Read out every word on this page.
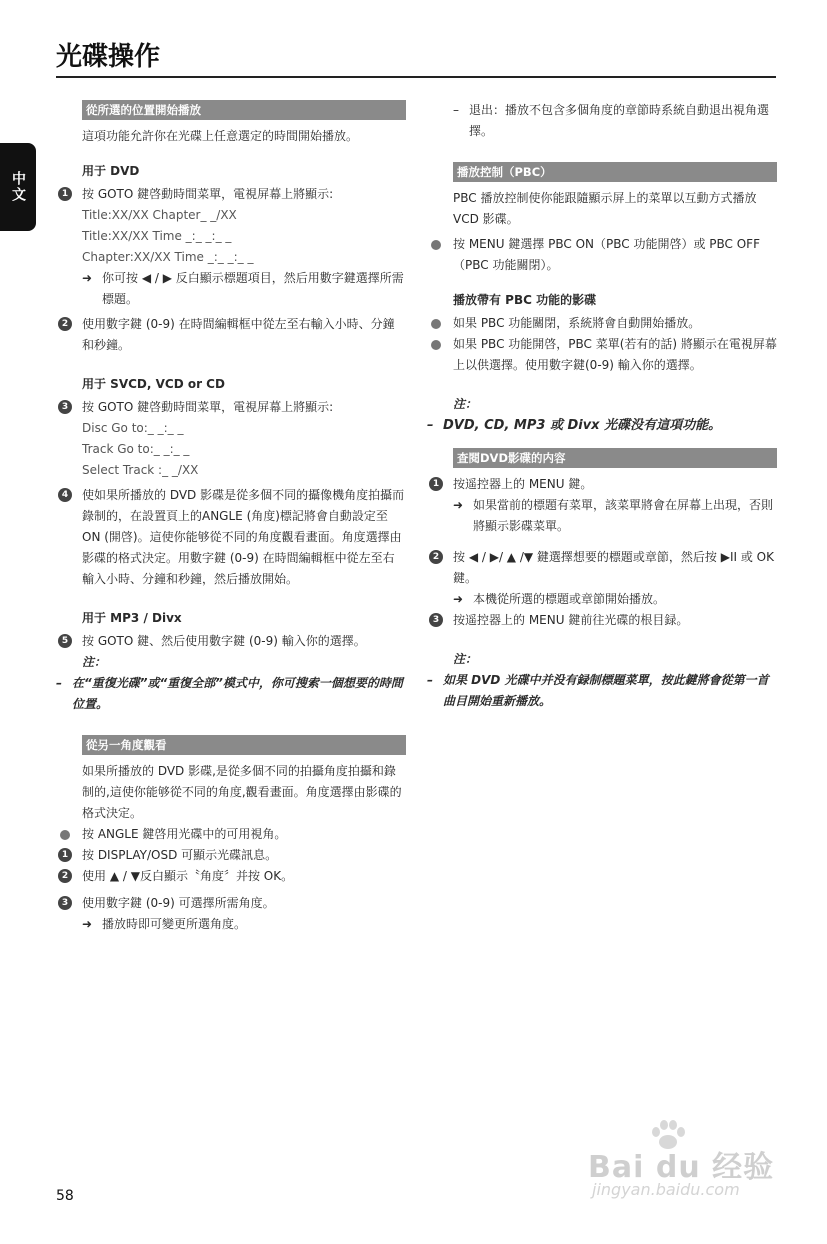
光碟操作
中文
從所選的位置開始播放

這項功能允許你在光碟上任意選定的時間開始播放。

用于 DVD
1	按 GOTO 鍵啓動時間菜單，電視屏幕上將顯示:
Title:XX/XX Chapter_ _/XX
Title:XX/XX Time _:_ _:_ _
Chapter:XX/XX Time _:_ _:_ _
➜ 你可按 ◀ / ▶ 反白顯示標題項目，然后用數字鍵選擇所需標題。
2	使用數字鍵 (0-9) 在時間編輯框中從左至右輸入小時、分鐘和秒鐘。
用于 SVCD, VCD or CD
3	按 GOTO 鍵啓動時間菜單，電視屏幕上將顯示:
Disc Go to:_ _:_ _
Track Go to:_ _:_ _
Select Track :_ _/XX
4	使如果所播放的 DVD 影碟是從多個不同的攝像機角度拍攝而錄制的，在設置頁上的ANGLE (角度)標記將會自動設定至 ON (開啓)。這使你能够從不同的角度觀看畫面。角度選擇由影碟的格式決定。用數字鍵 (0-9) 在時間編輯框中從左至右輸入小時、分鐘和秒鐘，然后播放開始。
用于 MP3 / Divx
5	按 GOTO 鍵、然后使用數字鍵 (0-9) 輸入你的選擇。
注：
– 在“重復光碟”或“重復全部”模式中，你可搜索一個想要的時間位置。
從另一角度觀看

如果所播放的 DVD 影碟,是從多個不同的拍攝角度拍攝和錄制的,這使你能够從不同的角度,觀看畫面。角度選擇由影碟的格式決定。

按 ANGLE 鍵啓用光碟中的可用視角。
1	按 DISPLAY/OSD 可顯示光碟訊息。
2	使用 ▲ / ▼反白顯示〝角度〞并按 OK。
3	使用數字鍵 (0-9) 可選擇所需角度。
➜ 播放時即可變更所選角度。
– 退出：播放不包含多個角度的章節時系統自動退出視角選擇。
播放控制（PBC）

PBC 播放控制使你能跟隨顯示屏上的菜單以互動方式播放 VCD 影碟。

按 MENU 鍵選擇 PBC ON（PBC 功能開啓）或 PBC OFF（PBC 功能關閉）。
播放帶有 PBC 功能的影碟
如果 PBC 功能關閉，系統將會自動開始播放。
如果 PBC 功能開啓，PBC 菜單(若有的話) 將顯示在電視屏幕上以供選擇。使用數字鍵(0-9) 輸入你的選擇。
注：
– DVD, CD, MP3 或 Divx 光碟没有這項功能。
查閱DVD影碟的内容
1	按遥控器上的 MENU 鍵。
➜ 如果當前的標題有菜單，該菜單將會在屏幕上出現，否則將顯示影碟菜單。
2	按 ◀ / ▶/ ▲ /▼ 鍵選擇想要的標題或章節，然后按 ▶II 或 OK 鍵。
➜ 本機從所選的標題或章節開始播放。
3	按遥控器上的 MENU 鍵前往光碟的根目録。
注：
– 如果 DVD 光碟中并没有録制標題菜單，按此鍵將會從第一首曲目開始重新播放。
58
Bai du 经验
jingyan.baidu.com
